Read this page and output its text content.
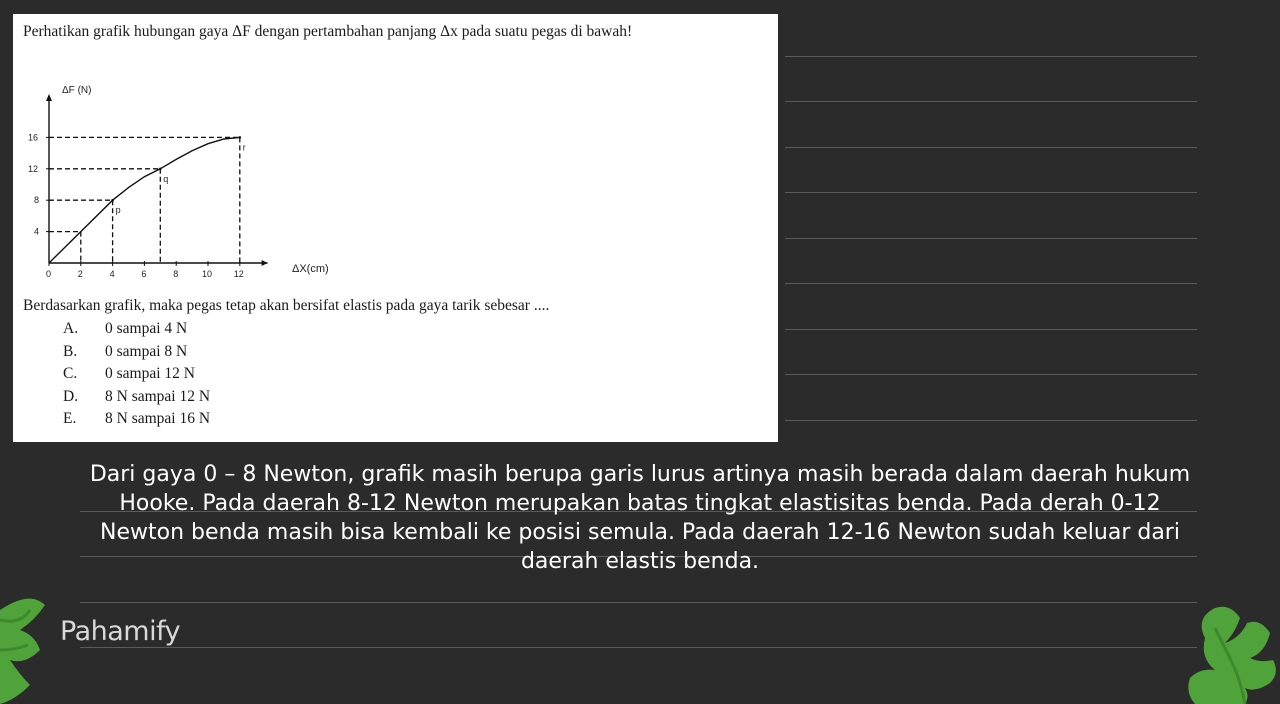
Perhatikan grafik hubungan gaya ΔF dengan pertambahan panjang Δx pada suatu pegas di bawah!
ΔF (N)
0	2	4	6	8	10 12
4
8
12
16
p
q
r
ΔX(cm)
Berdasarkan grafik, maka pegas tetap akan bersifat elastis pada gaya tarik sebesar ....
A. 0 sampai 4 N
B. 0 sampai 8 N
C. 0 sampai 12 N
D. 8 N sampai 12 N
E. 8 N sampai 16 N
Dari gaya 0 – 8 Newton, grafik masih berupa garis lurus artinya masih berada dalam daerah hukum Hooke. Pada daerah 8-12 Newton merupakan batas tingkat elastisitas benda. Pada derah 0-12 Newton benda masih bisa kembali ke posisi semula. Pada daerah 12-16 Newton sudah keluar dari daerah elastis benda.
Pahamify
